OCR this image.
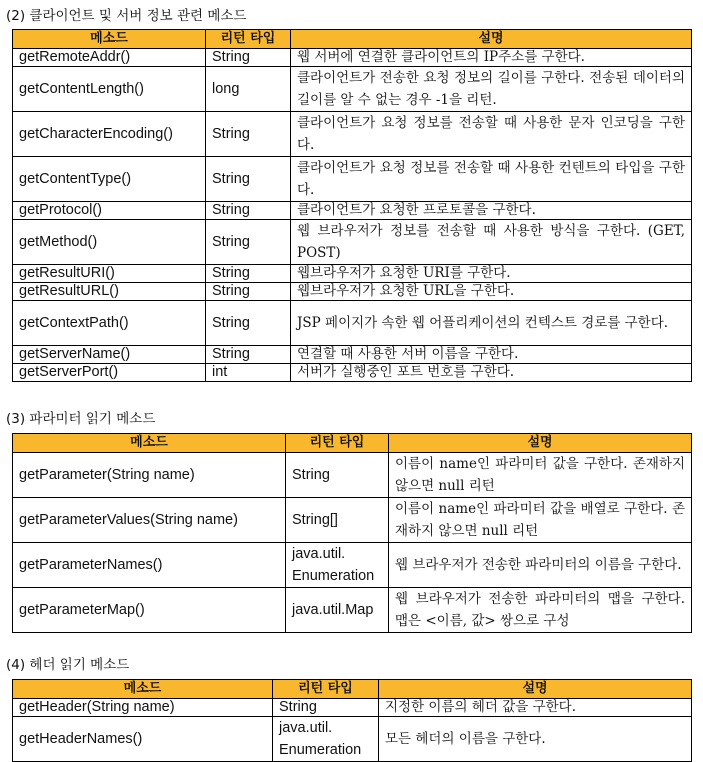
(2) 클라이언트 및 서버 정보 관련 메소드
메소드	리턴 타입	설명
getRemoteAddr()	String	웹 서버에 연결한 클라이언트의 IP주소를 구한다.
getContentLength()	long	클라이언트가 전송한 요청 정보의 길이를 구한다. 전송된 데이터의 길이를 알 수 없는 경우 -1을 리턴.
getCharacterEncoding()	String	클라이언트가 요청 정보를 전송할 때 사용한 문자 인코딩을 구한다.
getContentType()	String	클라이언트가 요청 정보를 전송할 때 사용한 컨텐트의 타입을 구한다.
getProtocol()	String	클라이언트가 요청한 프로토콜을 구한다.
getMethod()	String	웹 브라우저가 정보를 전송할 때 사용한 방식을 구한다. (GET, POST)
getResultURI()	String	웹브라우저가 요청한 URI를 구한다.
getResultURL()	String	웹브라우저가 요청한 URL을 구한다.
getContextPath()	String	JSP 페이지가 속한 웹 어플리케이션의 컨텍스트 경로를 구한다.
getServerName()	String	연결할 때 사용한 서버 이름을 구한다.
getServerPort()	int	서버가 실행중인 포트 번호를 구한다.
(3) 파라미터 읽기 메소드
메소드	리턴 타입	설명
getParameter(String name)	String	이름이 name인 파라미터 값을 구한다. 존재하지 않으면 null 리턴
getParameterValues(String name)	String[]	이름이 name인 파라미터 값을 배열로 구한다. 존재하지 않으면 null 리턴
getParameterNames()	java.util. Enumeration	웹 브라우저가 전송한 파라미터의 이름을 구한다.
getParameterMap()	java.util.Map	웹 브라우저가 전송한 파라미터의 맵을 구한다. 맵은 <이름, 값> 쌍으로 구성
(4) 헤더 읽기 메소드
메소드	리턴 타입	설명
getHeader(String name)	String	지정한 이름의 헤더 값을 구한다.
getHeaderNames()	java.util. Enumeration	모든 헤더의 이름을 구한다.
